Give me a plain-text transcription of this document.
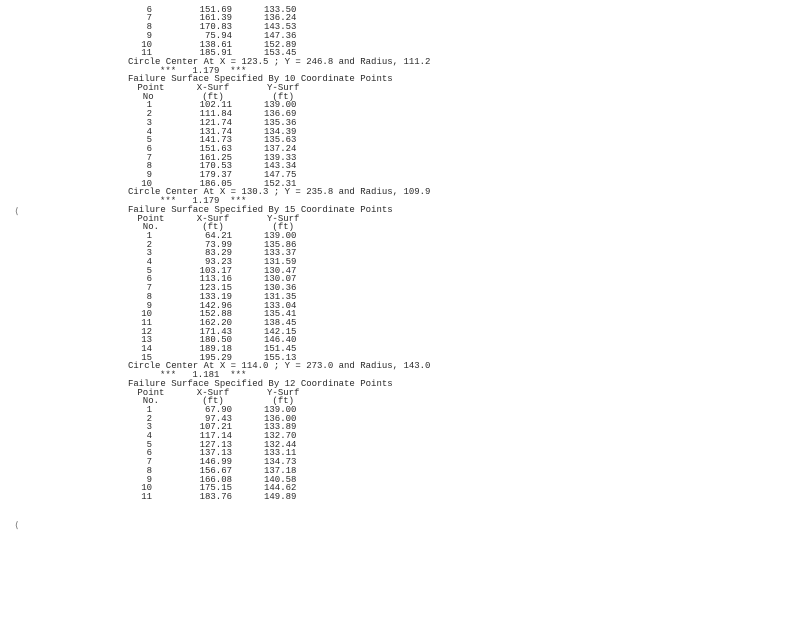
6	151.69	133.50
7	161.39	136.24
8	170.83	143.53
9	75.94	147.36
10	138.61	152.89
11	185.91	153.45
Circle Center At X = 123.5 ; Y = 246.8 and Radius, 111.2
***   1.179  ***
Failure Surface Specified By 10 Coordinate Points
Point      X-Surf       Y-Surf
No         (ft)         (ft)
1	102.11	139.00
2	111.84	136.69
3	121.74	135.36
4	131.74	134.39
5	141.73	135.63
6	151.63	137.24
7	161.25	139.33
8	170.53	143.34
9	179.37	147.75
10	186.05	152.31
Circle Center At X = 130.3 ; Y = 235.8 and Radius, 109.9
***   1.179  ***
Failure Surface Specified By 15 Coordinate Points
Point      X-Surf       Y-Surf
No.        (ft)         (ft)
1	64.21	139.00
2	73.99	135.86
3	83.29	133.37
4	93.23	131.59
5	103.17	130.47
6	113.16	130.07
7	123.15	130.36
8	133.19	131.35
9	142.96	133.04
10	152.88	135.41
11	162.20	138.45
12	171.43	142.15
13	180.50	146.40
14	189.18	151.45
15	195.29	155.13
Circle Center At X = 114.0 ; Y = 273.0 and Radius, 143.0
***   1.181  ***
Failure Surface Specified By 12 Coordinate Points
Point      X-Surf       Y-Surf
No.        (ft)         (ft)
1	67.90	139.00
2	97.43	136.00
3	107.21	133.89
4	117.14	132.70
5	127.13	132.44
6	137.13	133.11
7	146.99	134.73
8	156.67	137.18
9	166.08	140.58
10	175.15	144.62
11	183.76	149.89
⟨
⟨
